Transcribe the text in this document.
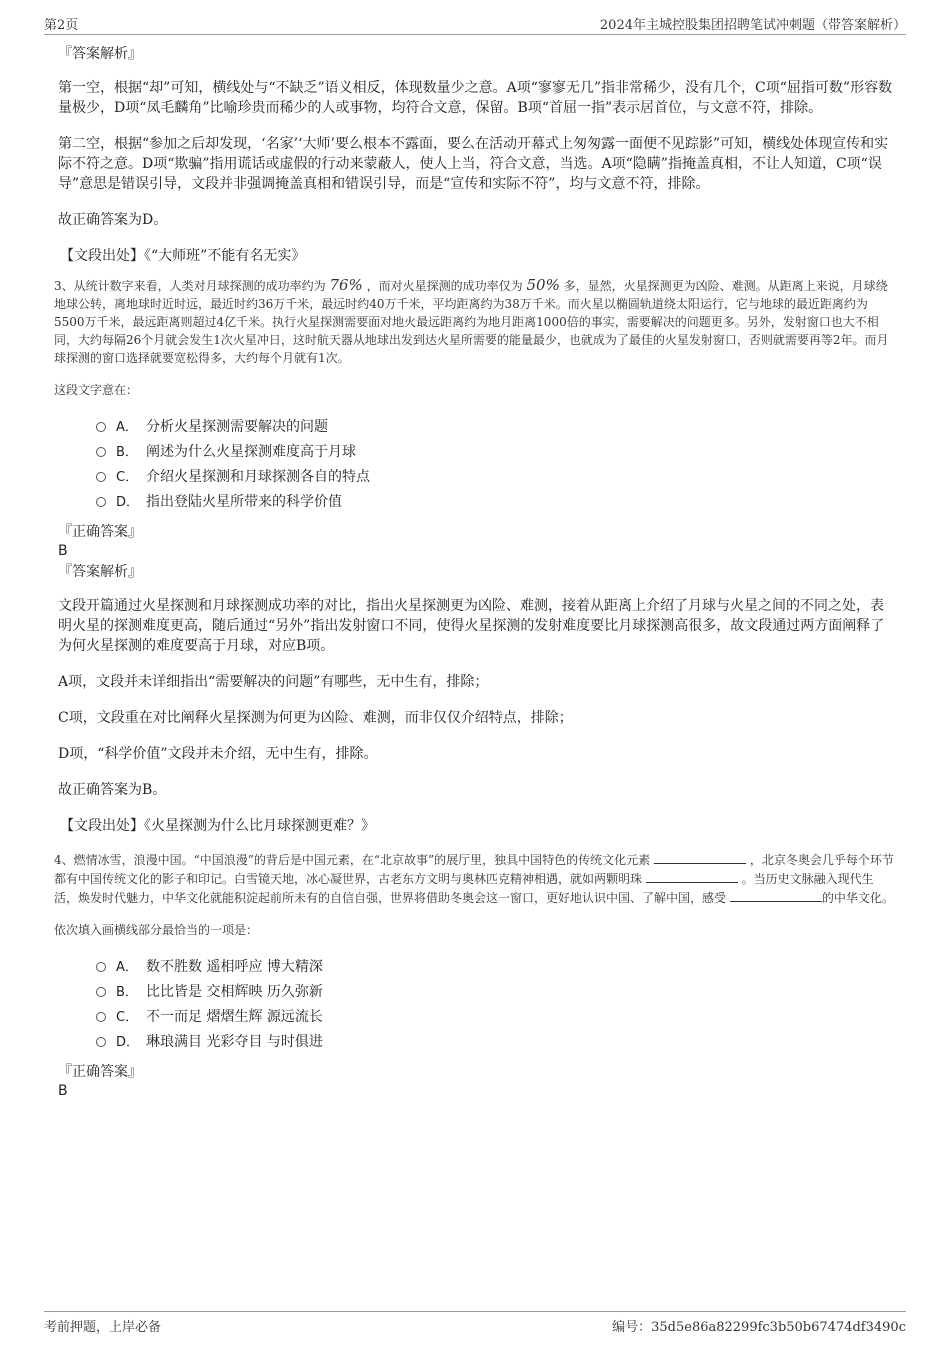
第2页	2024年主城控股集团招聘笔试冲刺题（带答案解析）
『答案解析』
第一空，根据“却”可知，横线处与“不缺乏”语义相反，体现数量少之意。A项“寥寥无几”指非常稀少，没有几个，C项“屈指可数”形容数量极少，D项“凤毛麟角”比喻珍贵而稀少的人或事物，均符合文意，保留。B项“首屈一指”表示居首位，与文意不符，排除。
第二空，根据“参加之后却发现，‘名家’‘大师’要么根本不露面，要么在活动开幕式上匆匆露一面便不见踪影”可知，横线处体现宣传和实际不符之意。D项“欺骗”指用谎话或虚假的行动来蒙蔽人，使人上当，符合文意，当选。A项“隐瞒”指掩盖真相，不让人知道，C项“误导”意思是错误引导，文段并非强调掩盖真相和错误引导，而是“宣传和实际不符”，均与文意不符，排除。
故正确答案为D。
【文段出处】《“大师班”不能有名无实》
3、从统计数字来看，人类对月球探测的成功率约为 76% ，而对火星探测的成功率仅为 50% 多，显然，火星探测更为凶险、难测。从距离上来说，月球绕地球公转，离地球时近时远，最近时约36万千米，最远时约40万千米，平均距离约为38万千米。而火星以椭圆轨道绕太阳运行，它与地球的最近距离约为5500万千米，最远距离则超过4亿千米。执行火星探测需要面对地火最远距离约为地月距离1000倍的事实，需要解决的问题更多。另外，发射窗口也大不相同，大约每隔26个月就会发生1次火星冲日，这时航天器从地球出发到达火星所需要的能量最少，也就成为了最佳的火星发射窗口，否则就需要再等2年。而月球探测的窗口选择就要宽松得多，大约每个月就有1次。
这段文字意在：
A． 分析火星探测需要解决的问题
B． 阐述为什么火星探测难度高于月球
C． 介绍火星探测和月球探测各自的特点
D． 指出登陆火星所带来的科学价值
『正确答案』
B
『答案解析』
文段开篇通过火星探测和月球探测成功率的对比，指出火星探测更为凶险、难测，接着从距离上介绍了月球与火星之间的不同之处，表明火星的探测难度更高，随后通过“另外”指出发射窗口不同，使得火星探测的发射难度要比月球探测高很多，故文段通过两方面阐释了为何火星探测的难度要高于月球，对应B项。
A项，文段并未详细指出“需要解决的问题”有哪些，无中生有，排除；
C项，文段重在对比阐释火星探测为何更为凶险、难测，而非仅仅介绍特点，排除；
D项，“科学价值”文段并未介绍，无中生有，排除。
故正确答案为B。
【文段出处】《火星探测为什么比月球探测更难？》
4、燃情冰雪，浪漫中国。“中国浪漫”的背后是中国元素，在“北京故事”的展厅里，独具中国特色的传统文化元素	，北京冬奥会几乎每个环节都有中国传统文化的影子和印记。白雪镜天地，冰心凝世界，古老东方文明与奥林匹克精神相遇，就如两颗明珠	。当历史文脉融入现代生活，焕发时代魅力，中华文化就能积淀起前所未有的自信自强，世界将借助冬奥会这一窗口，更好地认识中国、了解中国，感受	的中华文化。
依次填入画横线部分最恰当的一项是：
A． 数不胜数 遥相呼应 博大精深
B． 比比皆是 交相辉映 历久弥新
C． 不一而足 熠熠生辉 源远流长
D． 琳琅满目 光彩夺目 与时俱进
『正确答案』
B
考前押题，上岸必备	编号：35d5e86a82299fc3b50b67474df3490c
